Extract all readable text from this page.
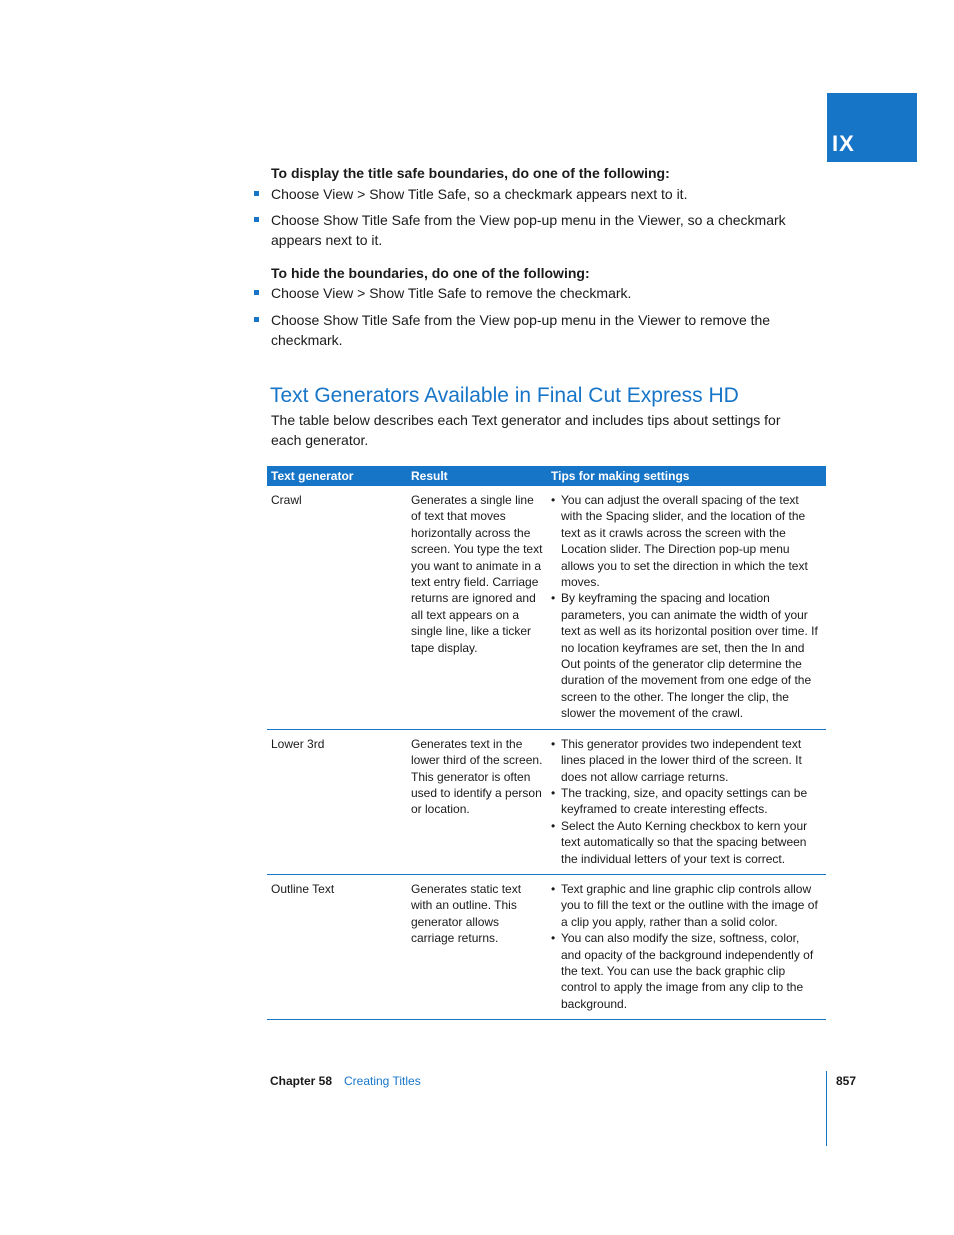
IX
To display the title safe boundaries, do one of the following:
Choose View > Show Title Safe, so a checkmark appears next to it.
Choose Show Title Safe from the View pop-up menu in the Viewer, so a checkmark appears next to it.
To hide the boundaries, do one of the following:
Choose View > Show Title Safe to remove the checkmark.
Choose Show Title Safe from the View pop-up menu in the Viewer to remove the checkmark.
Text Generators Available in Final Cut Express HD
The table below describes each Text generator and includes tips about settings for each generator.
Text generator	Result	Tips for making settings
Crawl	Generates a single line of text that moves horizontally across the screen. You type the text you want to animate in a text entry field. Carriage returns are ignored and all text appears on a single line, like a ticker tape display.
• You can adjust the overall spacing of the text with the Spacing slider, and the location of the text as it crawls across the screen with the Location slider. The Direction pop-up menu allows you to set the direction in which the text moves.
• By keyframing the spacing and location parameters, you can animate the width of your text as well as its horizontal position over time. If no location keyframes are set, then the In and Out points of the generator clip determine the duration of the movement from one edge of the screen to the other. The longer the clip, the slower the movement of the crawl.
Lower 3rd	Generates text in the lower third of the screen. This generator is often used to identify a person or location.
• This generator provides two independent text lines placed in the lower third of the screen. It does not allow carriage returns.
• The tracking, size, and opacity settings can be keyframed to create interesting effects.
• Select the Auto Kerning checkbox to kern your text automatically so that the spacing between the individual letters of your text is correct.
Outline Text	Generates static text with an outline. This generator allows carriage returns.
• Text graphic and line graphic clip controls allow you to fill the text or the outline with the image of a clip you apply, rather than a solid color.
• You can also modify the size, softness, color, and opacity of the background independently of the text. You can use the back graphic clip control to apply the image from any clip to the background.
Chapter 58 Creating Titles	857
